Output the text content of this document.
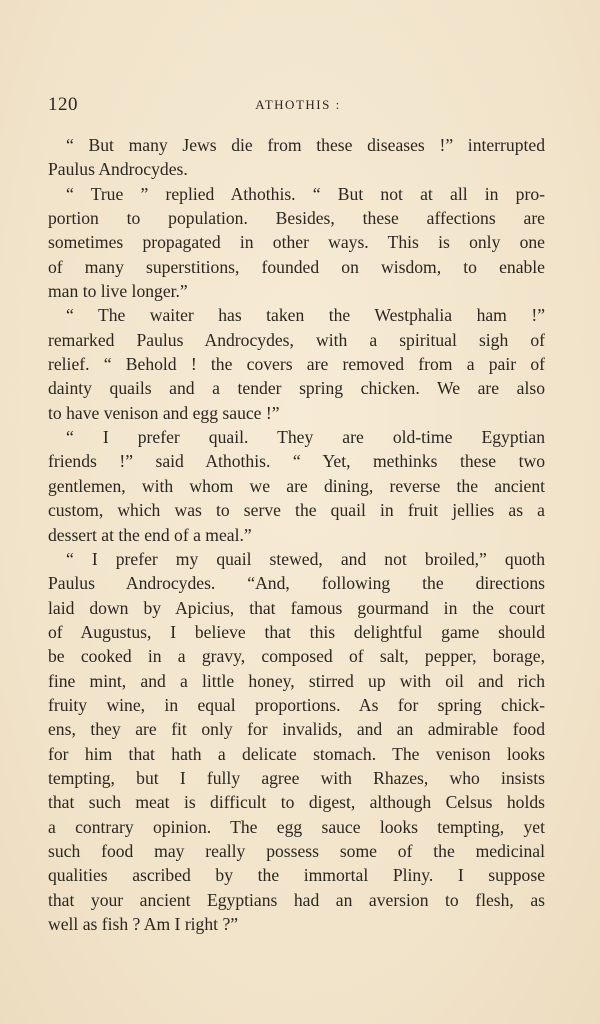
120	ATHOTHIS :
“ But many Jews die from these diseases !” interrupted
Paulus Androcydes.
“ True ” replied Athothis. “ But not at all in pro-
portion to population. Besides, these affections are
sometimes propagated in other ways. This is only one
of many superstitions, founded on wisdom, to enable
man to live longer.”
“ The waiter has taken the Westphalia ham !”
remarked Paulus Androcydes, with a spiritual sigh of
relief. “ Behold ! the covers are removed from a pair of
dainty quails and a tender spring chicken. We are also
to have venison and egg sauce !”
“ I prefer quail. They are old-time Egyptian
friends !” said Athothis. “ Yet, methinks these two
gentlemen, with whom we are dining, reverse the ancient
custom, which was to serve the quail in fruit jellies as a
dessert at the end of a meal.”
“ I prefer my quail stewed, and not broiled,” quoth
Paulus Androcydes. “And, following the directions
laid down by Apicius, that famous gourmand in the court
of Augustus, I believe that this delightful game should
be cooked in a gravy, composed of salt, pepper, borage,
fine mint, and a little honey, stirred up with oil and rich
fruity wine, in equal proportions. As for spring chick-
ens, they are fit only for invalids, and an admirable food
for him that hath a delicate stomach. The venison looks
tempting, but I fully agree with Rhazes, who insists
that such meat is difficult to digest, although Celsus holds
a contrary opinion. The egg sauce looks tempting, yet
such food may really possess some of the medicinal
qualities ascribed by the immortal Pliny. I suppose
that your ancient Egyptians had an aversion to flesh, as
well as fish ? Am I right ?”
